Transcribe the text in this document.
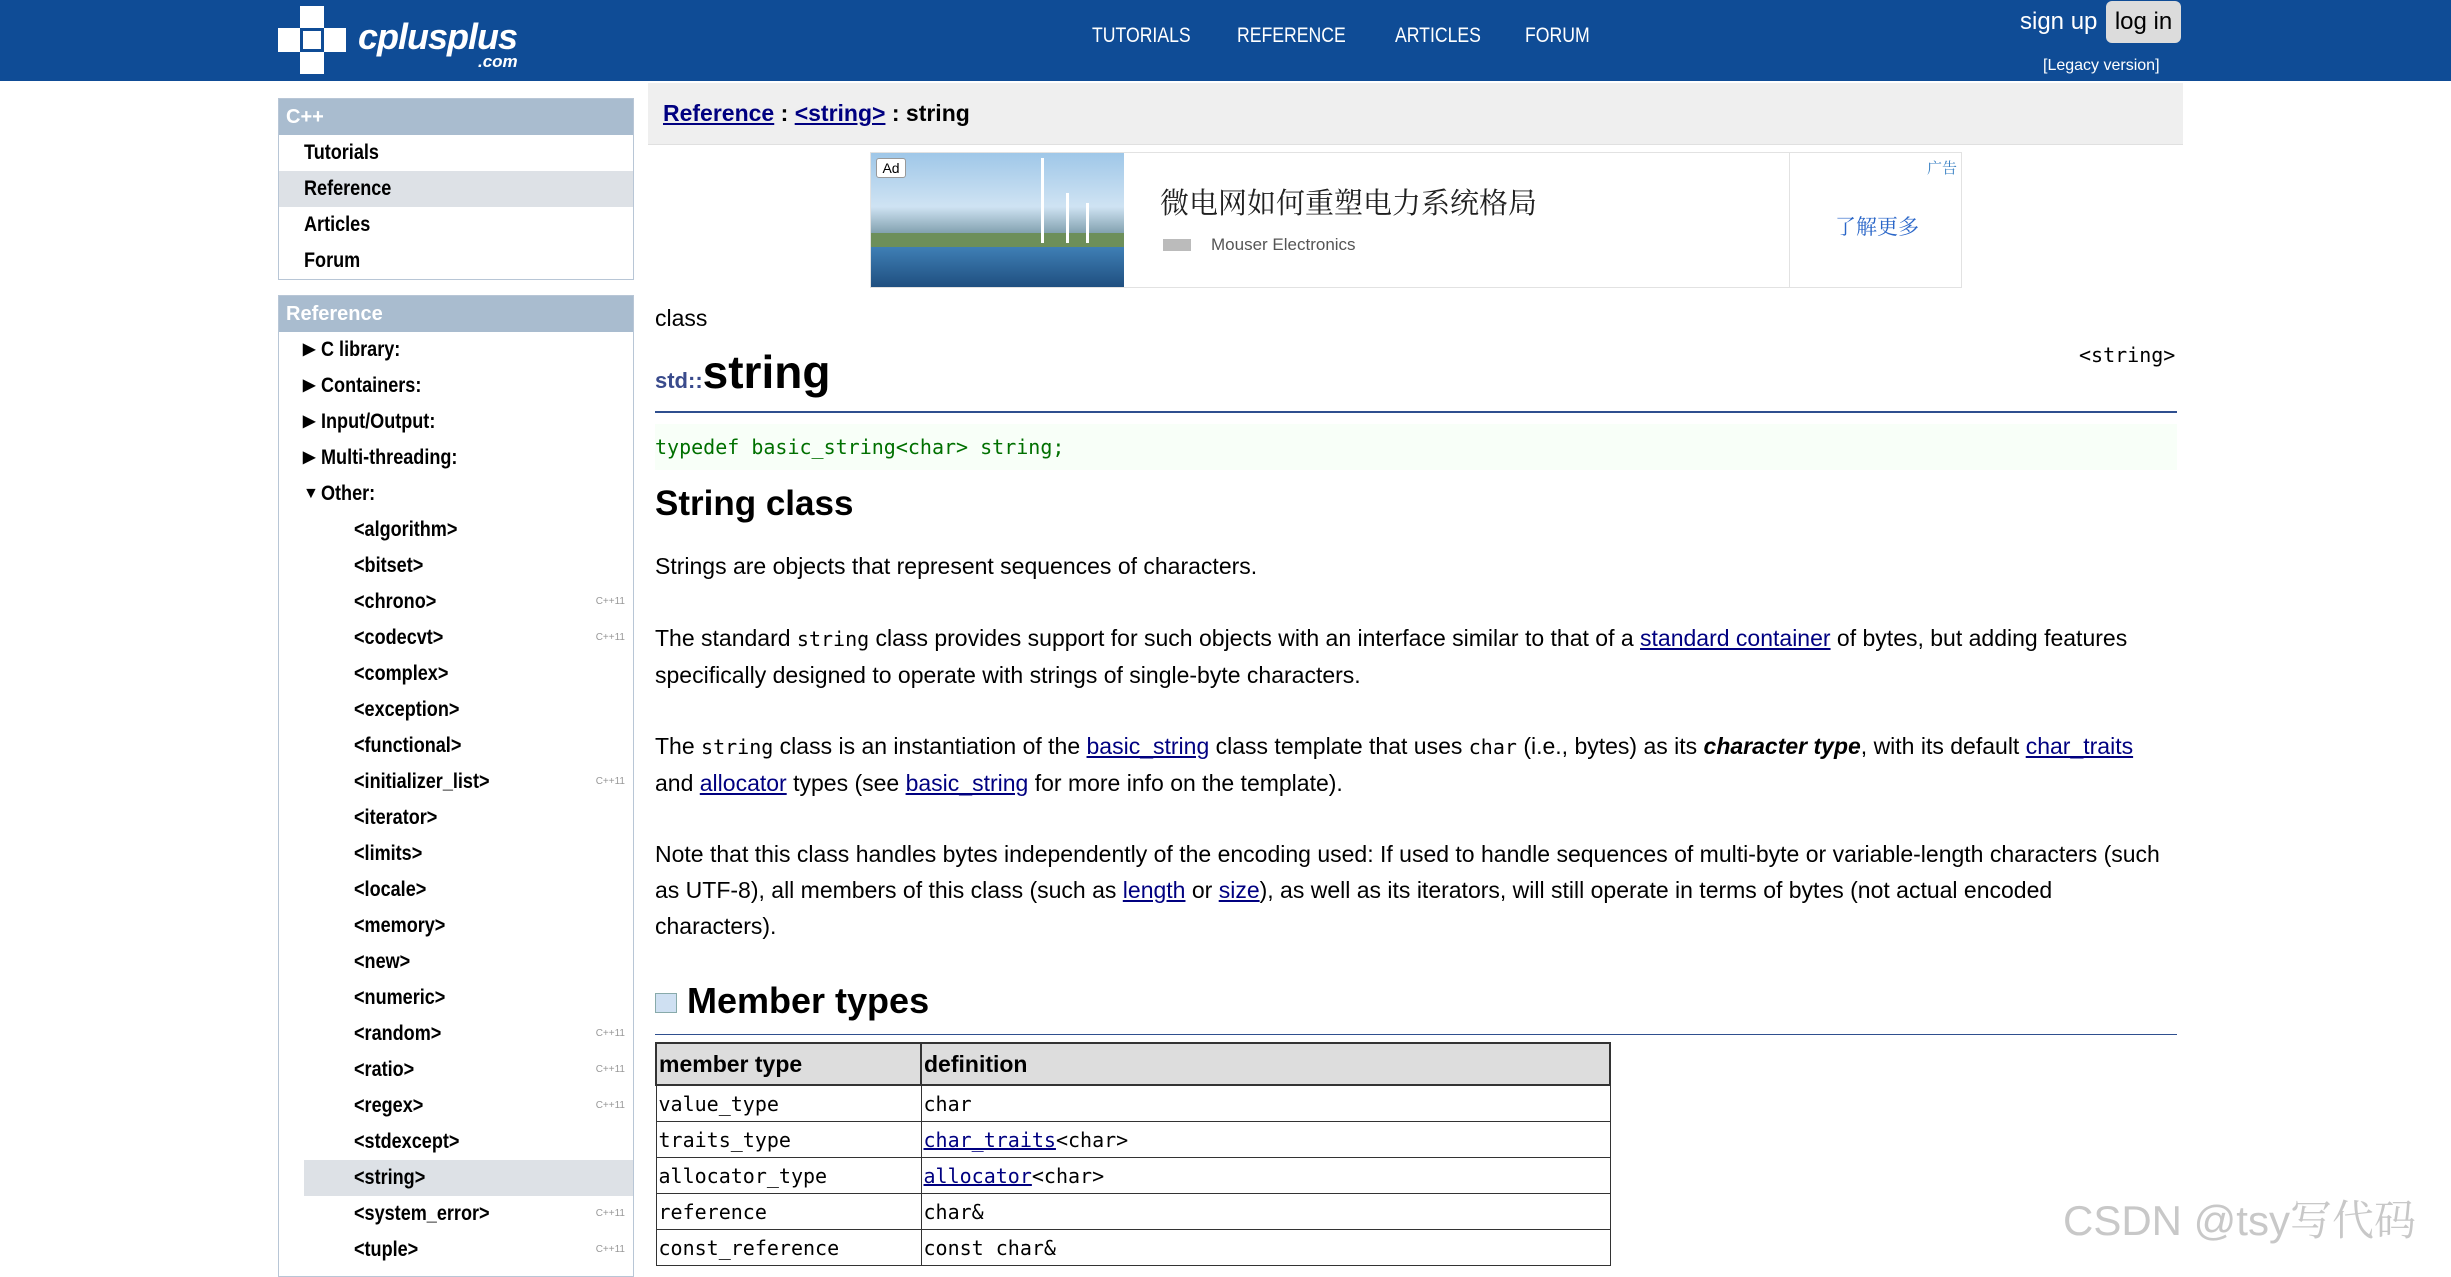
cplusplus
.com
TUTORIALS REFERENCE ARTICLES FORUM
sign up log in
[Legacy version]
C++
Tutorials
Reference
Articles
Forum
Reference
▶ C library:
▶ Containers:
▶ Input/Output:
▶ Multi-threading:
▼ Other:
<algorithm>
<bitset>
<chrono>	C++11
<codecvt>	C++11
<complex>
<exception>
<functional>
<initializer_list>	C++11
<iterator>
<limits>
<locale>
<memory>
<new>
<numeric>
<random>	C++11
<ratio>	C++11
<regex>	C++11
<stdexcept>
<string>
<system_error>	C++11
<tuple>	C++11
Reference : <string> : string
Ad
微电网如何重塑电力系统格局
Mouser Electronics
了解更多
广告
class
std::string	<string>
typedef basic_string<char> string;
String class
Strings are objects that represent sequences of characters.
The standard string class provides support for such objects with an interface similar to that of a standard container of bytes, but adding features specifically designed to operate with strings of single-byte characters.
The string class is an instantiation of the basic_string class template that uses char (i.e., bytes) as its character type, with its default char_traits and allocator types (see basic_string for more info on the template).
Note that this class handles bytes independently of the encoding used: If used to handle sequences of multi-byte or variable-length characters (such as UTF-8), all members of this class (such as length or size), as well as its iterators, will still operate in terms of bytes (not actual encoded characters).
Member types
member type	definition
value_type	char
traits_type	char_traits<char>
allocator_type	allocator<char>
reference	char&
const_reference	const char&
CSDN @tsy写代码
